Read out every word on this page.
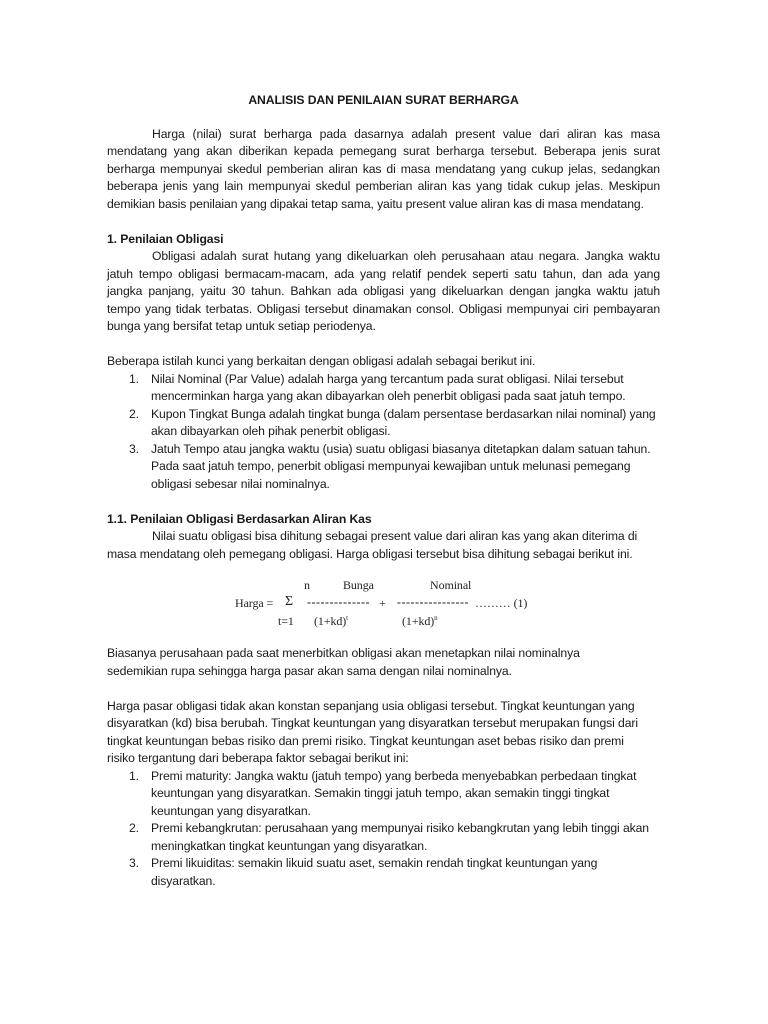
ANALISIS DAN PENILAIAN SURAT BERHARGA

Harga (nilai) surat berharga pada dasarnya adalah present value dari aliran kas masa mendatang yang akan diberikan kepada pemegang surat berharga tersebut. Beberapa jenis surat berharga mempunyai skedul pemberian aliran kas di masa mendatang yang cukup jelas, sedangkan beberapa jenis yang lain mempunyai skedul pemberian aliran kas yang tidak cukup jelas. Meskipun demikian basis penilaian yang dipakai tetap sama, yaitu present value aliran kas di masa mendatang.

1. Penilaian Obligasi

Obligasi adalah surat hutang yang dikeluarkan oleh perusahaan atau negara. Jangka waktu jatuh tempo obligasi bermacam-macam, ada yang relatif pendek seperti satu tahun, dan ada yang jangka panjang, yaitu 30 tahun. Bahkan ada obligasi yang dikeluarkan dengan jangka waktu jatuh tempo yang tidak terbatas. Obligasi tersebut dinamakan consol. Obligasi mempunyai ciri pembayaran bunga yang bersifat tetap untuk setiap periodenya.

Beberapa istilah kunci yang berkaitan dengan obligasi adalah sebagai berikut ini.

1. Nilai Nominal (Par Value) adalah harga yang tercantum pada surat obligasi. Nilai tersebut mencerminkan harga yang akan dibayarkan oleh penerbit obligasi pada saat jatuh tempo.
2. Kupon Tingkat Bunga adalah tingkat bunga (dalam persentase berdasarkan nilai nominal) yang akan dibayarkan oleh pihak penerbit obligasi.
3. Jatuh Tempo atau jangka waktu (usia) suatu obligasi biasanya ditetapkan dalam satuan tahun. Pada saat jatuh tempo, penerbit obligasi mempunyai kewajiban untuk melunasi pemegang obligasi sebesar nilai nominalnya.

1.1. Penilaian Obligasi Berdasarkan Aliran Kas

Nilai suatu obligasi bisa dihitung sebagai present value dari aliran kas yang akan diterima di masa mendatang oleh pemegang obligasi. Harga obligasi tersebut bisa dihitung sebagai berikut ini.

n	Bunga	Nominal
Harga = Σ -------------- + ---------------- ……… (1)
t=1 $(1+kd)^t$	$(1+kd)^n$

Biasanya perusahaan pada saat menerbitkan obligasi akan menetapkan nilai nominalnya sedemikian rupa sehingga harga pasar akan sama dengan nilai nominalnya.

Harga pasar obligasi tidak akan konstan sepanjang usia obligasi tersebut. Tingkat keuntungan yang disyaratkan (kd) bisa berubah. Tingkat keuntungan yang disyaratkan tersebut merupakan fungsi dari tingkat keuntungan bebas risiko dan premi risiko. Tingkat keuntungan aset bebas risiko dan premi risiko tergantung dari beberapa faktor sebagai berikut ini:

1. Premi maturity: Jangka waktu (jatuh tempo) yang berbeda menyebabkan perbedaan tingkat keuntungan yang disyaratkan. Semakin tinggi jatuh tempo, akan semakin tinggi tingkat keuntungan yang disyaratkan.
2. Premi kebangkrutan: perusahaan yang mempunyai risiko kebangkrutan yang lebih tinggi akan meningkatkan tingkat keuntungan yang disyaratkan.
3. Premi likuiditas: semakin likuid suatu aset, semakin rendah tingkat keuntungan yang disyaratkan.
